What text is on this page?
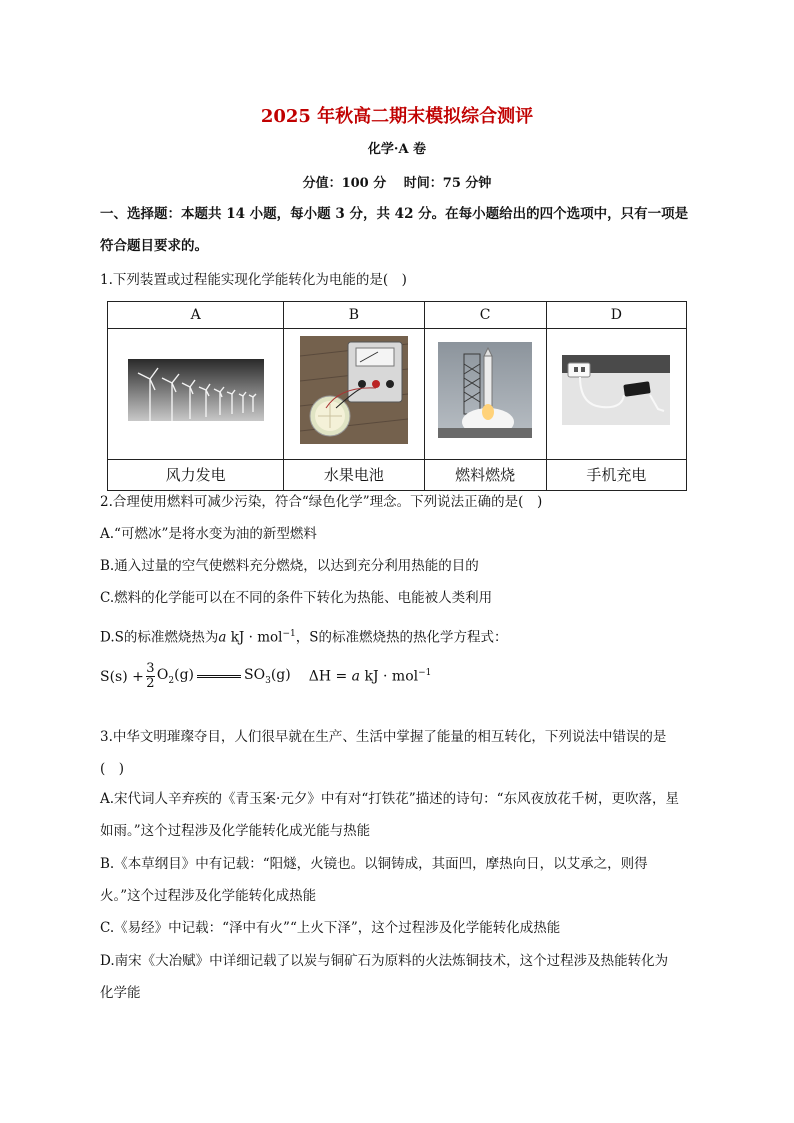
2025 年秋高二期末模拟综合测评
化学·A 卷
分值：100 分　 时间：75 分钟
一、选择题：本题共 14 小题，每小题 3 分，共 42 分。在每小题给出的四个选项中，只有一项是
符合题目要求的。
1.下列装置或过程能实现化学能转化为电能的是(　)
A	B	C	D

风力发电	水果电池	燃料燃烧	手机充电
2.合理使用燃料可减少污染，符合“绿色化学”理念。下列说法正确的是(　)
A.“可燃冰”是将水变为油的新型燃料
B.通入过量的空气使燃料充分燃烧，以达到充分利用热能的目的
C.燃料的化学能可以在不同的条件下转化为热能、电能被人类利用
D.S的标准燃烧热为a kJ · mol$^{-1}$，S的标准燃烧热的热化学方程式：
$S(s) + \frac{3}{2} O_2(g)$	$SO_3(g) \Delta H = a$ kJ · mol$^{-1}$
3.中华文明璀璨夺目，人们很早就在生产、生活中掌握了能量的相互转化，下列说法中错误的是
(　)
A.宋代词人辛弃疾的《青玉案·元夕》中有对“打铁花”描述的诗句：“东风夜放花千树，更吹落，星
如雨。”这个过程涉及化学能转化成光能与热能
B.《本草纲目》中有记载：“阳燧，火镜也。以铜铸成，其面凹，摩热向日，以艾承之，则得
火。”这个过程涉及化学能转化成热能
C.《易经》中记载：“泽中有火”“上火下泽”，这个过程涉及化学能转化成热能
D.南宋《大冶赋》中详细记载了以炭与铜矿石为原料的火法炼铜技术，这个过程涉及热能转化为
化学能
